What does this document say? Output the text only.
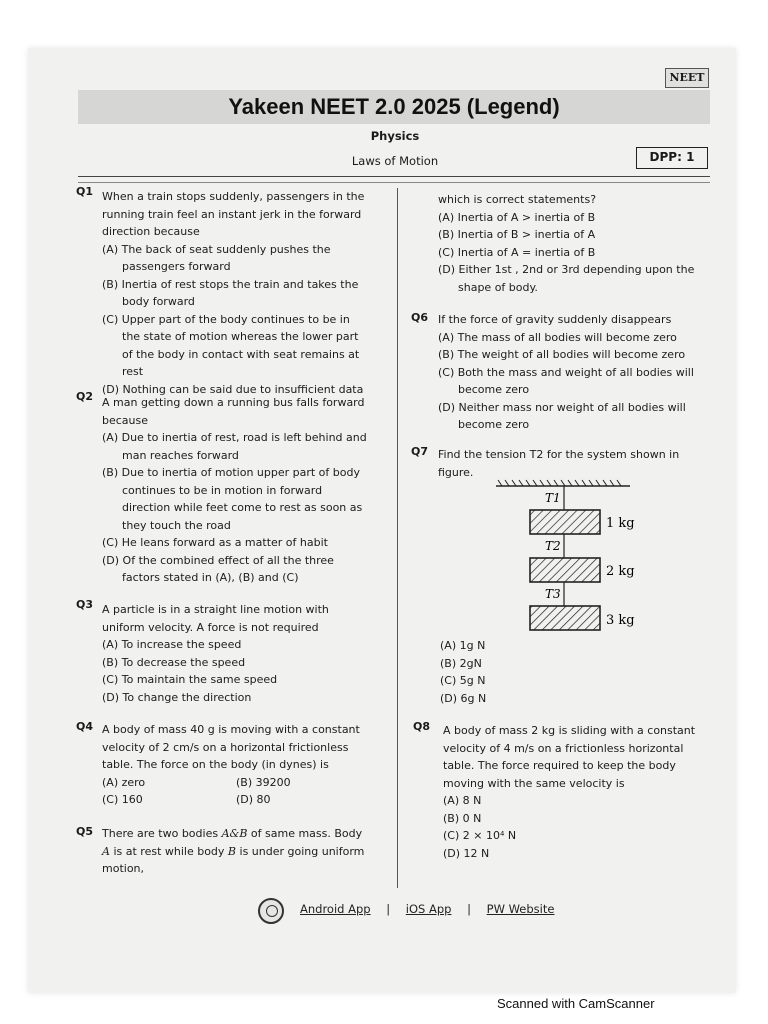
NEET
Yakeen NEET 2.0 2025 (Legend)
Physics
Laws of Motion	DPP: 1
Q1 When a train stops suddenly, passengers in the running train feel an instant jerk in the forward direction because
(A) The back of seat suddenly pushes the passengers forward
(B) Inertia of rest stops the train and takes the body forward
(C) Upper part of the body continues to be in the state of motion whereas the lower part of the body in contact with seat remains at rest
(D) Nothing can be said due to insufficient data
Q2 A man getting down a running bus falls forward because
(A) Due to inertia of rest, road is left behind and man reaches forward
(B) Due to inertia of motion upper part of body continues to be in motion in forward direction while feet come to rest as soon as they touch the road
(C) He leans forward as a matter of habit
(D) Of the combined effect of all the three factors stated in (A), (B) and (C)
Q3 A particle is in a straight line motion with uniform velocity. A force is not required
(A) To increase the speed
(B) To decrease the speed
(C) To maintain the same speed
(D) To change the direction
Q4 A body of mass 40 g is moving with a constant velocity of 2 cm/s on a horizontal frictionless table. The force on the body (in dynes) is
(A) zero	(B) 39200
(C) 160	(D) 80
Q5 There are two bodies A&B of same mass. Body A is at rest while body B is under going uniform motion,
which is correct statements?
(A) Inertia of A > inertia of B
(B) Inertia of B > inertia of A
(C) Inertia of A = inertia of B
(D) Either 1st , 2nd or 3rd depending upon the shape of body.
Q6 If the force of gravity suddenly disappears
(A) The mass of all bodies will become zero
(B) The weight of all bodies will become zero
(C) Both the mass and weight of all bodies will become zero
(D) Neither mass nor weight of all bodies will become zero
Q7 Find the tension T2 for the system shown in figure.
T1
1 kg
T2
2 kg
T3
3 kg
(A) 1g N
(B) 2gN
(C) 5g N
(D) 6g N
Q8 A body of mass 2 kg is sliding with a constant velocity of 4 m/s on a frictionless horizontal table. The force required to keep the body moving with the same velocity is
(A) 8 N
(B) 0 N
(C) 2 × 10⁴ N
(D) 12 N
Android App | iOS App | PW Website
Scanned with CamScanner
